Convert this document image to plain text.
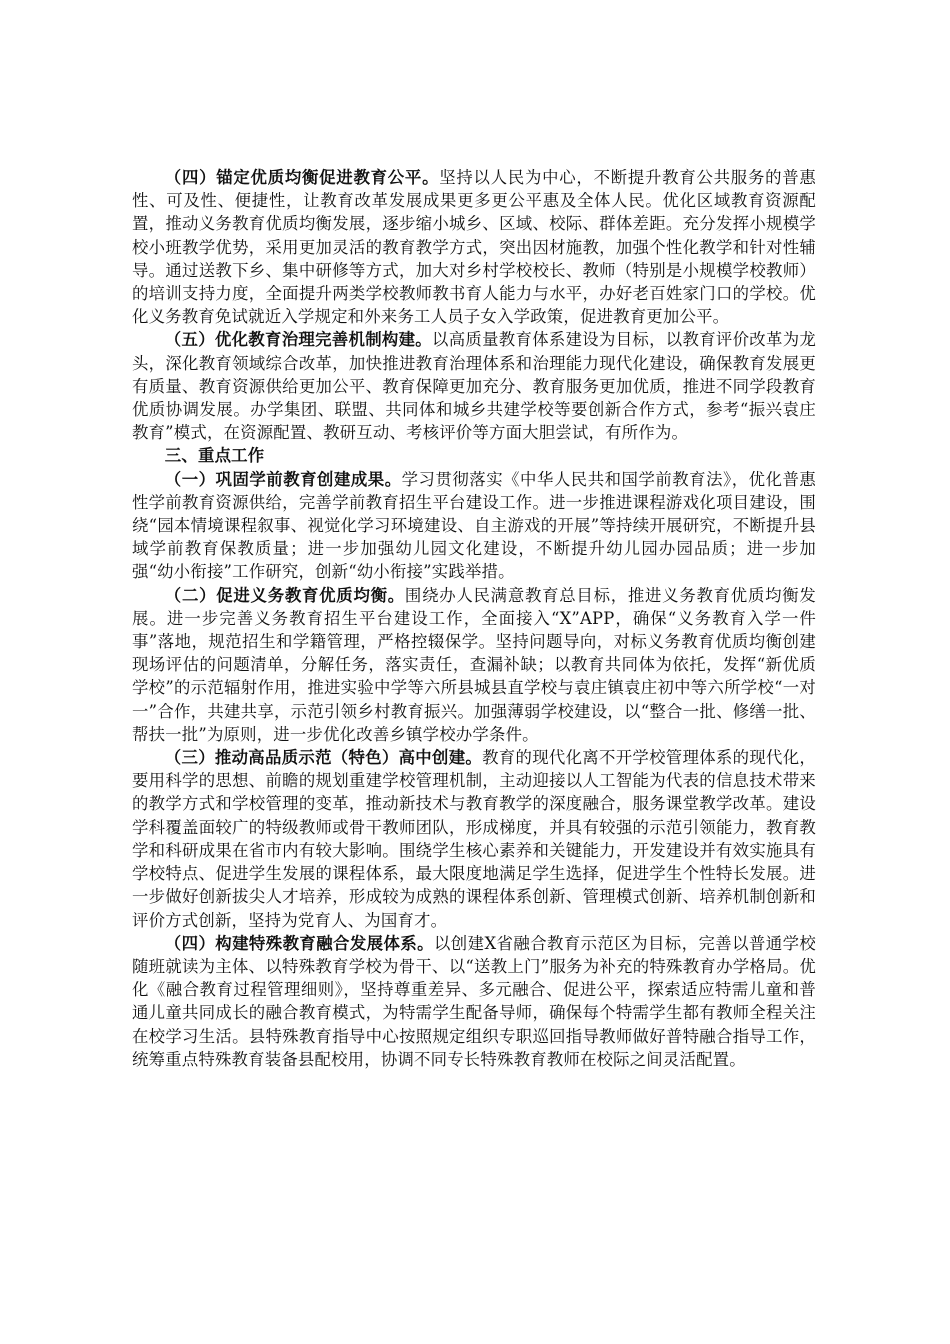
（四）锚定优质均衡促进教育公平。坚持以人民为中心，不断提升教育公共服务的普惠性、可及性、便捷性，让教育改革发展成果更多更公平惠及全体人民。优化区域教育资源配置，推动义务教育优质均衡发展，逐步缩小城乡、区域、校际、群体差距。充分发挥小规模学校小班教学优势，采用更加灵活的教育教学方式，突出因材施教，加强个性化教学和针对性辅导。通过送教下乡、集中研修等方式，加大对乡村学校校长、教师（特别是小规模学校教师）的培训支持力度，全面提升两类学校教师教书育人能力与水平，办好老百姓家门口的学校。优化义务教育免试就近入学规定和外来务工人员子女入学政策，促进教育更加公平。

（五）优化教育治理完善机制构建。以高质量教育体系建设为目标，以教育评价改革为龙头，深化教育领域综合改革，加快推进教育治理体系和治理能力现代化建设，确保教育发展更有质量、教育资源供给更加公平、教育保障更加充分、教育服务更加优质，推进不同学段教育优质协调发展。办学集团、联盟、共同体和城乡共建学校等要创新合作方式，参考“振兴袁庄教育”模式，在资源配置、教研互动、考核评价等方面大胆尝试，有所作为。

三、重点工作

（一）巩固学前教育创建成果。学习贯彻落实《中华人民共和国学前教育法》，优化普惠性学前教育资源供给，完善学前教育招生平台建设工作。进一步推进课程游戏化项目建设，围绕“园本情境课程叙事、视觉化学习环境建设、自主游戏的开展”等持续开展研究，不断提升县域学前教育保教质量；进一步加强幼儿园文化建设，不断提升幼儿园办园品质；进一步加强“幼小衔接”工作研究，创新“幼小衔接”实践举措。

（二）促进义务教育优质均衡。围绕办人民满意教育总目标，推进义务教育优质均衡发展。进一步完善义务教育招生平台建设工作，全面接入“X”APP，确保“义务教育入学一件事”落地，规范招生和学籍管理，严格控辍保学。坚持问题导向，对标义务教育优质均衡创建现场评估的问题清单，分解任务，落实责任，查漏补缺；以教育共同体为依托，发挥“新优质学校”的示范辐射作用，推进实验中学等六所县城县直学校与袁庄镇袁庄初中等六所学校“一对一”合作，共建共享，示范引领乡村教育振兴。加强薄弱学校建设，以“整合一批、修缮一批、帮扶一批”为原则，进一步优化改善乡镇学校办学条件。

（三）推动高品质示范（特色）高中创建。教育的现代化离不开学校管理体系的现代化，要用科学的思想、前瞻的规划重建学校管理机制，主动迎接以人工智能为代表的信息技术带来的教学方式和学校管理的变革，推动新技术与教育教学的深度融合，服务课堂教学改革。建设学科覆盖面较广的特级教师或骨干教师团队，形成梯度，并具有较强的示范引领能力，教育教学和科研成果在省市内有较大影响。围绕学生核心素养和关键能力，开发建设并有效实施具有学校特点、促进学生发展的课程体系，最大限度地满足学生选择，促进学生个性特长发展。进一步做好创新拔尖人才培养，形成较为成熟的课程体系创新、管理模式创新、培养机制创新和评价方式创新，坚持为党育人、为国育才。

（四）构建特殊教育融合发展体系。以创建X省融合教育示范区为目标，完善以普通学校随班就读为主体、以特殊教育学校为骨干、以“送教上门”服务为补充的特殊教育办学格局。优化《融合教育过程管理细则》，坚持尊重差异、多元融合、促进公平，探索适应特需儿童和普通儿童共同成长的融合教育模式，为特需学生配备导师，确保每个特需学生都有教师全程关注在校学习生活。县特殊教育指导中心按照规定组织专职巡回指导教师做好普特融合指导工作，统筹重点特殊教育装备县配校用，协调不同专长特殊教育教师在校际之间灵活配置。
